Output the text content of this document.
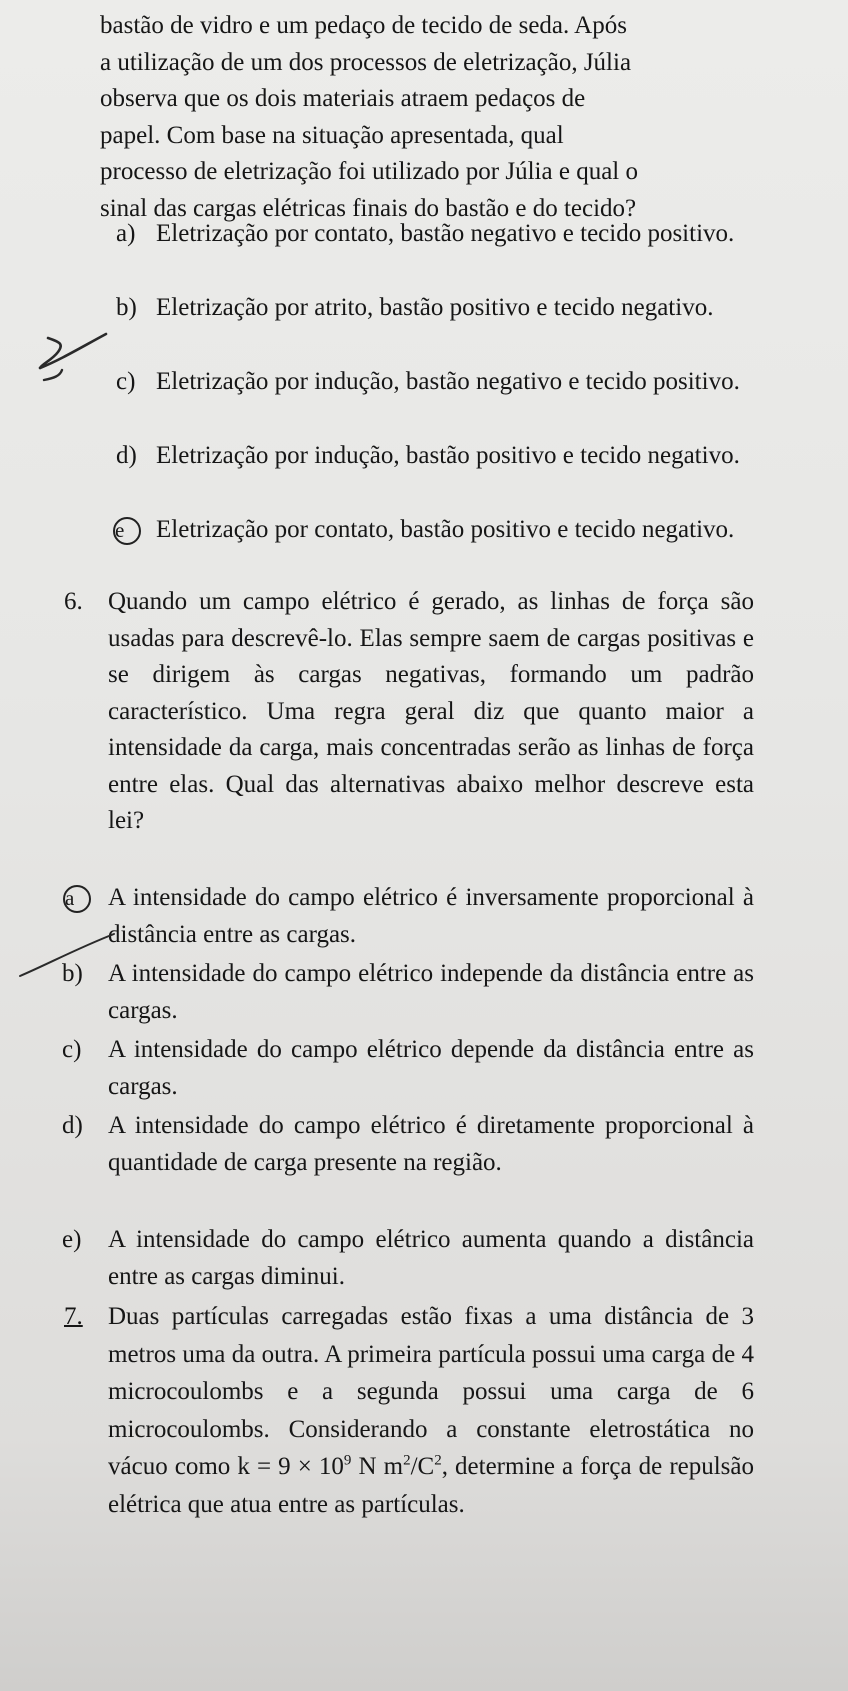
bastão de vidro e um pedaço de tecido de seda. Após
a utilização de um dos processos de eletrização, Júlia
observa que os dois materiais atraem pedaços de
papel. Com base na situação apresentada, qual
processo de eletrização foi utilizado por Júlia e qual o
sinal das cargas elétricas finais do bastão e do tecido?
a) Eletrização por contato, bastão negativo e tecido positivo.
b) Eletrização por atrito, bastão positivo e tecido negativo.
c) Eletrização por indução, bastão negativo e tecido positivo.
d) Eletrização por indução, bastão positivo e tecido negativo.
e	Eletrização por contato, bastão positivo e tecido negativo.
6. Quando um campo elétrico é gerado, as linhas de força são usadas para descrevê-lo. Elas sempre saem de cargas positivas e se dirigem às cargas negativas, formando um padrão característico. Uma regra geral diz que quanto maior a intensidade da carga, mais concentradas serão as linhas de força entre elas. Qual das alternativas abaixo melhor descreve esta lei?
a	A intensidade do campo elétrico é inversamente proporcional à distância entre as cargas.
b) A intensidade do campo elétrico independe da distância entre as cargas.
c) A intensidade do campo elétrico depende da distância entre as cargas.
d) A intensidade do campo elétrico é diretamente proporcional à quantidade de carga presente na região.
e) A intensidade do campo elétrico aumenta quando a distância entre as cargas diminui.
7. Duas partículas carregadas estão fixas a uma distância de 3 metros uma da outra. A primeira partícula possui uma carga de 4 microcoulombs e a segunda possui uma carga de 6 microcoulombs. Considerando a constante eletrostática no vácuo como $k = 9 \times 10^9$ N $m^2/C^2$, determine a força de repulsão elétrica que atua entre as partículas.
